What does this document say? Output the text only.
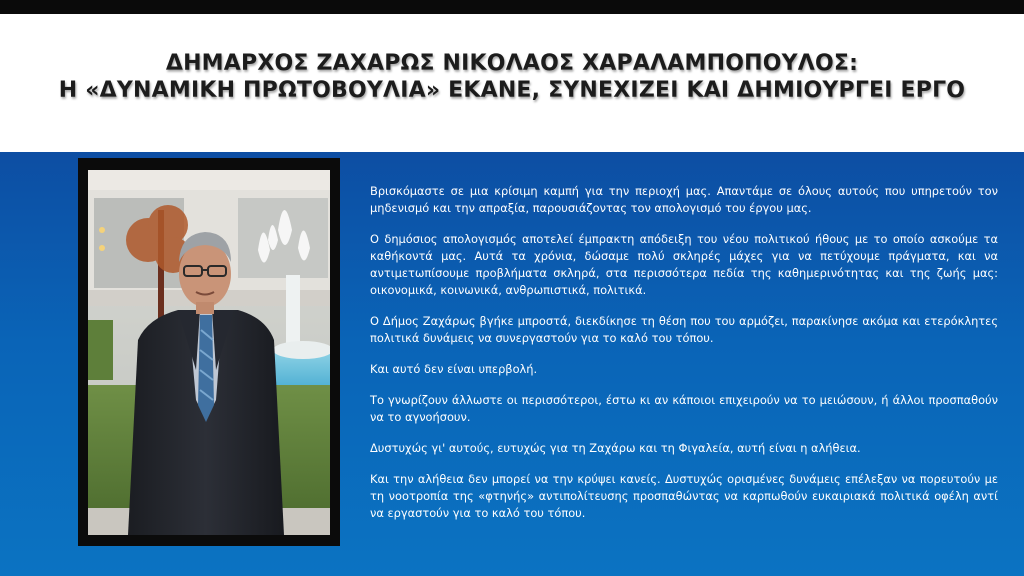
ΔΗΜΑΡΧΟΣ ΖΑΧΑΡΩΣ ΝΙΚΟΛΑΟΣ ΧΑΡΑΛΑΜΠΟΠΟΥΛΟΣ:
Η «ΔΥΝΑΜΙΚΗ ΠΡΩΤΟΒΟΥΛΙΑ» ΕΚΑΝΕ, ΣΥΝΕΧΙΖΕΙ ΚΑΙ ΔΗΜΙΟΥΡΓΕΙ ΕΡΓΟ

Βρισκόμαστε σε μια κρίσιμη καμπή για την περιοχή μας. Απαντάμε σε όλους αυτούς που υπηρετούν τον μηδενισμό και την απραξία, παρουσιάζοντας τον απολογισμό του έργου μας.

Ο δημόσιος απολογισμός αποτελεί έμπρακτη απόδειξη του νέου πολιτικού ήθους με το οποίο ασκούμε τα καθήκοντά μας. Αυτά τα χρόνια, δώσαμε πολύ σκληρές μάχες για να πετύχουμε πράγματα, και να αντιμετωπίσουμε προβλήματα σκληρά, στα περισσότερα πεδία της καθημερινότητας και της ζωής μας: οικονομικά, κοινωνικά, ανθρωπιστικά, πολιτικά.

Ο Δήμος Ζαχάρως βγήκε μπροστά, διεκδίκησε τη θέση που του αρμόζει, παρακίνησε ακόμα και ετερόκλητες πολιτικά δυνάμεις να συνεργαστούν για το καλό του τόπου.

Και αυτό δεν είναι υπερβολή.

Το γνωρίζουν άλλωστε οι περισσότεροι, έστω κι αν κάποιοι επιχειρούν να το μειώσουν, ή άλλοι προσπαθούν να το αγνοήσουν.

Δυστυχώς γι' αυτούς, ευτυχώς για τη Ζαχάρω και τη Φιγαλεία, αυτή είναι η αλήθεια.

Και την αλήθεια δεν μπορεί να την κρύψει κανείς. Δυστυχώς ορισμένες δυνάμεις επέλεξαν να πορευτούν με τη νοοτροπία της «φτηνής» αντιπολίτευσης προσπαθώντας να καρπωθούν ευκαιριακά πολιτικά οφέλη αντί να εργαστούν για το καλό του τόπου.
